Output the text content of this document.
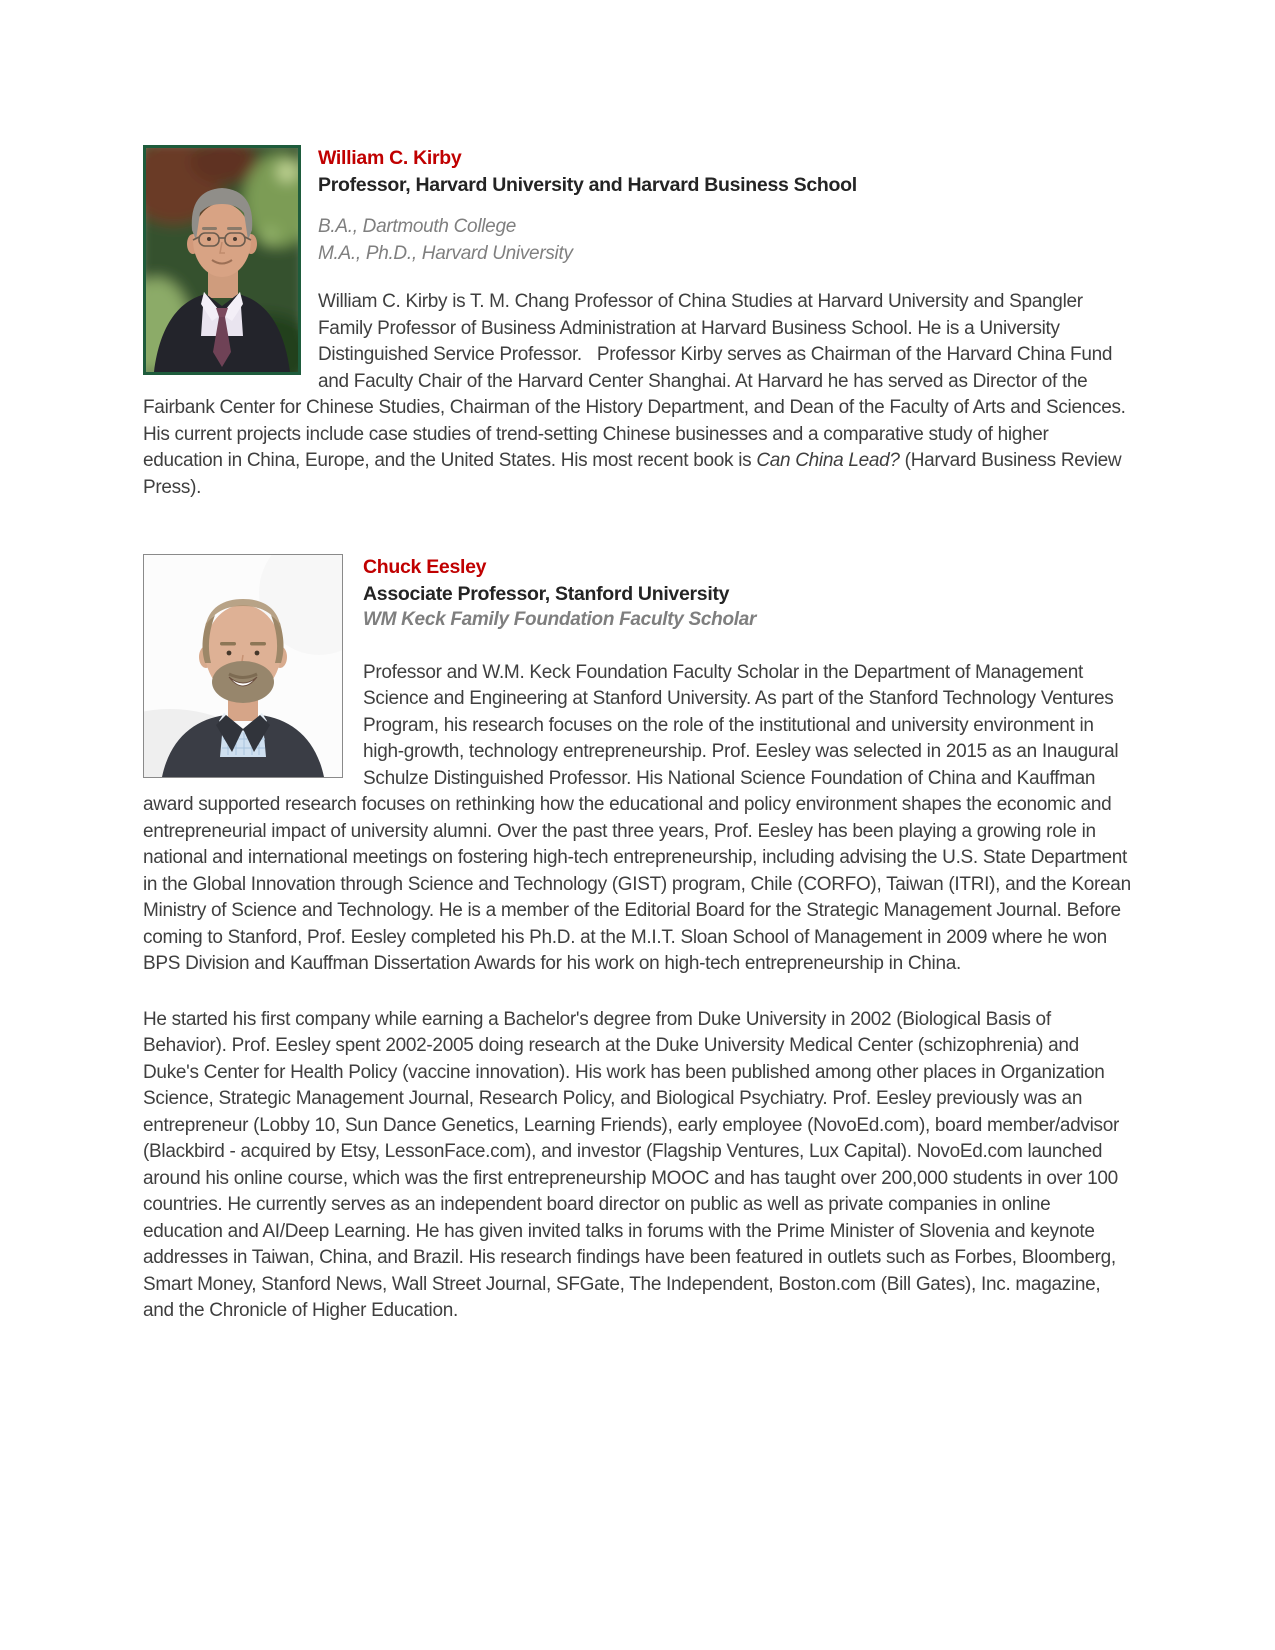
William C. Kirby
Professor, Harvard University and Harvard Business School

B.A., Dartmouth College
M.A., Ph.D., Harvard University

William C. Kirby is T. M. Chang Professor of China Studies at Harvard University and Spangler Family Professor of Business Administration at Harvard Business School. He is a University Distinguished Service Professor.   Professor Kirby serves as Chairman of the Harvard China Fund and Faculty Chair of the Harvard Center Shanghai. At Harvard he has served as Director of the Fairbank Center for Chinese Studies, Chairman of the History Department, and Dean of the Faculty of Arts and Sciences. His current projects include case studies of trend-setting Chinese businesses and a comparative study of higher education in China, Europe, and the United States. His most recent book is Can China Lead? (Harvard Business Review Press).

Chuck Eesley
Associate Professor, Stanford University

WM Keck Family Foundation Faculty Scholar

Professor and W.M. Keck Foundation Faculty Scholar in the Department of Management Science and Engineering at Stanford University. As part of the Stanford Technology Ventures Program, his research focuses on the role of the institutional and university environment in high-growth, technology entrepreneurship. Prof. Eesley was selected in 2015 as an Inaugural Schulze Distinguished Professor. His National Science Foundation of China and Kauffman award supported research focuses on rethinking how the educational and policy environment shapes the economic and entrepreneurial impact of university alumni. Over the past three years, Prof. Eesley has been playing a growing role in national and international meetings on fostering high-tech entrepreneurship, including advising the U.S. State Department in the Global Innovation through Science and Technology (GIST) program, Chile (CORFO), Taiwan (ITRI), and the Korean Ministry of Science and Technology. He is a member of the Editorial Board for the Strategic Management Journal. Before coming to Stanford, Prof. Eesley completed his Ph.D. at the M.I.T. Sloan School of Management in 2009 where he won BPS Division and Kauffman Dissertation Awards for his work on high-tech entrepreneurship in China.

He started his first company while earning a Bachelor's degree from Duke University in 2002 (Biological Basis of Behavior). Prof. Eesley spent 2002-2005 doing research at the Duke University Medical Center (schizophrenia) and Duke's Center for Health Policy (vaccine innovation). His work has been published among other places in Organization Science, Strategic Management Journal, Research Policy, and Biological Psychiatry. Prof. Eesley previously was an entrepreneur (Lobby 10, Sun Dance Genetics, Learning Friends), early employee (NovoEd.com), board member/advisor (Blackbird - acquired by Etsy, LessonFace.com), and investor (Flagship Ventures, Lux Capital). NovoEd.com launched around his online course, which was the first entrepreneurship MOOC and has taught over 200,000 students in over 100 countries. He currently serves as an independent board director on public as well as private companies in online education and AI/Deep Learning. He has given invited talks in forums with the Prime Minister of Slovenia and keynote addresses in Taiwan, China, and Brazil. His research findings have been featured in outlets such as Forbes, Bloomberg, Smart Money, Stanford News, Wall Street Journal, SFGate, The Independent, Boston.com (Bill Gates), Inc. magazine, and the Chronicle of Higher Education.
